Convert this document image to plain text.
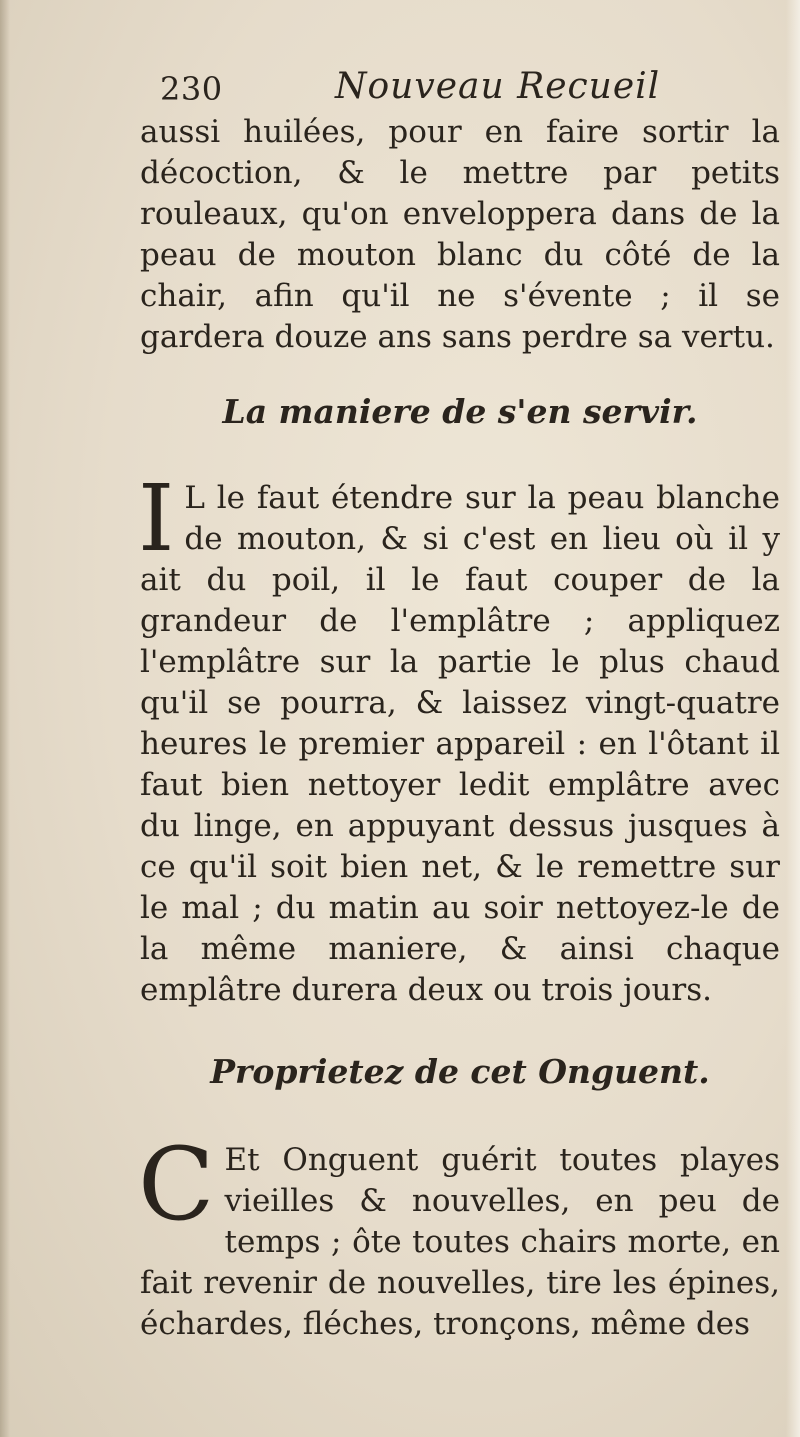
230	Nouveau Recueil

aussi huilées, pour en faire sortir la décoction, & le mettre par petits rouleaux, qu'on enveloppera dans de la peau de mouton blanc du côté de la chair, afin qu'il ne s'évente ; il se gardera douze ans sans perdre sa vertu.

La maniere de s'en servir.

I L le faut étendre sur la peau blanche de mouton, & si c'est en lieu où il y ait du poil, il le faut couper de la grandeur de l'emplâtre ; appliquez l'emplâtre sur la partie le plus chaud qu'il se pourra, & laissez vingt-quatre heures le premier appareil : en l'ôtant il faut bien nettoyer ledit emplâtre avec du linge, en appuyant dessus jusques à ce qu'il soit bien net, & le remettre sur le mal ; du matin au soir nettoyez-le de la même maniere, & ainsi chaque emplâtre durera deux ou trois jours.

Proprietez de cet Onguent.

C Et Onguent guérit toutes playes vieilles & nouvelles, en peu de temps ; ôte toutes chairs morte, en fait revenir de nouvelles, tire les épines, échardes, fléches, tronçons, même des
